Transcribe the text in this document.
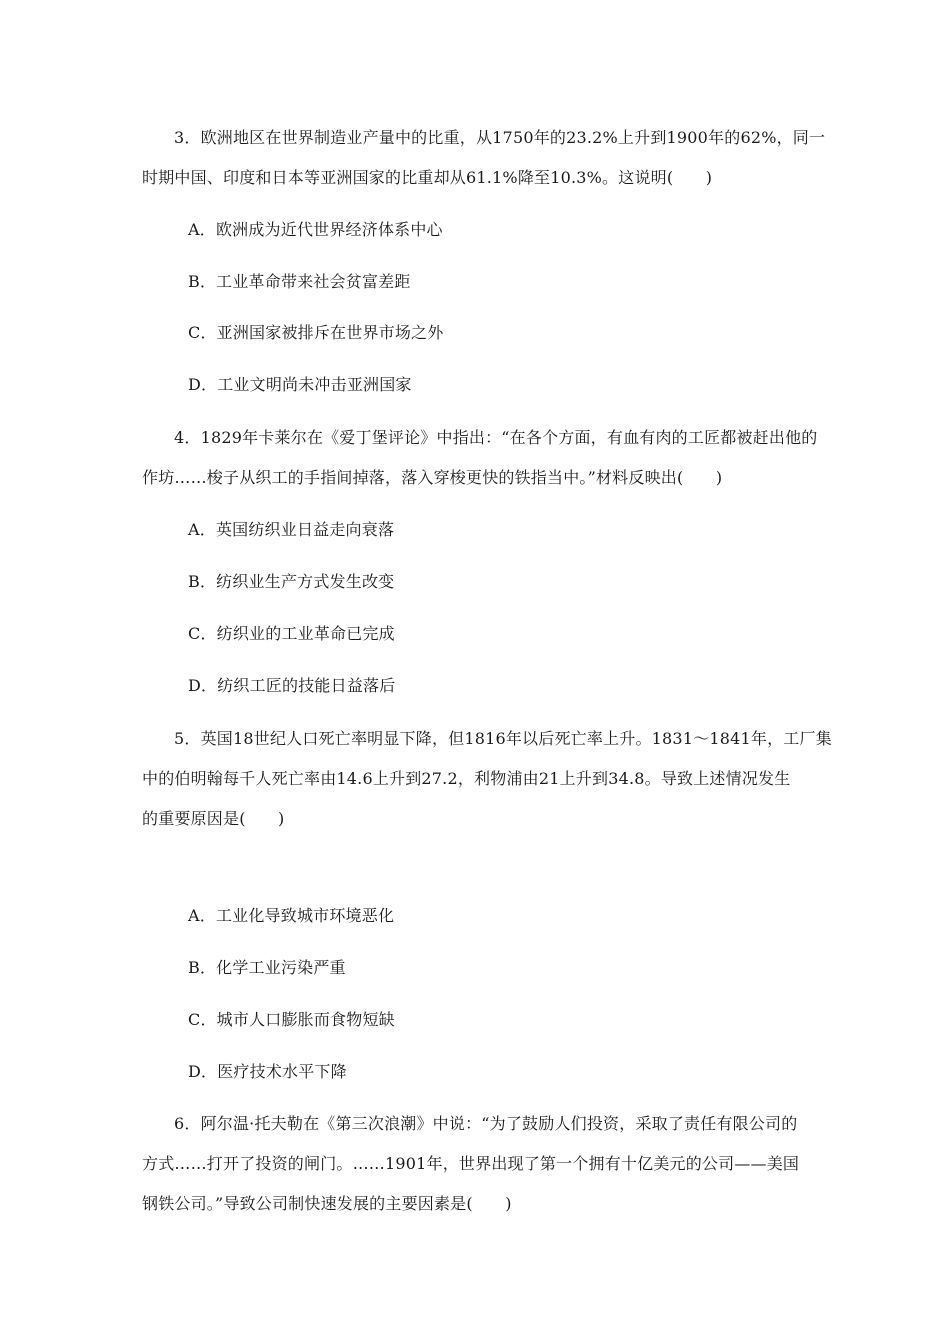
3．欧洲地区在世界制造业产量中的比重，从1750年的23.2%上升到1900年的62%，同一
时期中国、印度和日本等亚洲国家的比重却从61.1%降至10.3%。这说明(　　)
A．欧洲成为近代世界经济体系中心
B．工业革命带来社会贫富差距
C．亚洲国家被排斥在世界市场之外
D．工业文明尚未冲击亚洲国家
4．1829年卡莱尔在《爱丁堡评论》中指出：“在各个方面，有血有肉的工匠都被赶出他的
作坊……梭子从织工的手指间掉落，落入穿梭更快的铁指当中。”材料反映出(　　)
A．英国纺织业日益走向衰落
B．纺织业生产方式发生改变
C．纺织业的工业革命已完成
D．纺织工匠的技能日益落后
5．英国18世纪人口死亡率明显下降，但1816年以后死亡率上升。1831～1841年，工厂集
中的伯明翰每千人死亡率由14.6上升到27.2，利物浦由21上升到34.8。导致上述情况发生
的重要原因是(　　)
A．工业化导致城市环境恶化
B．化学工业污染严重
C．城市人口膨胀而食物短缺
D．医疗技术水平下降
6．阿尔温·托夫勒在《第三次浪潮》中说：“为了鼓励人们投资，采取了责任有限公司的
方式……打开了投资的闸门。……1901年，世界出现了第一个拥有十亿美元的公司——美国
钢铁公司。”导致公司制快速发展的主要因素是(　　)
